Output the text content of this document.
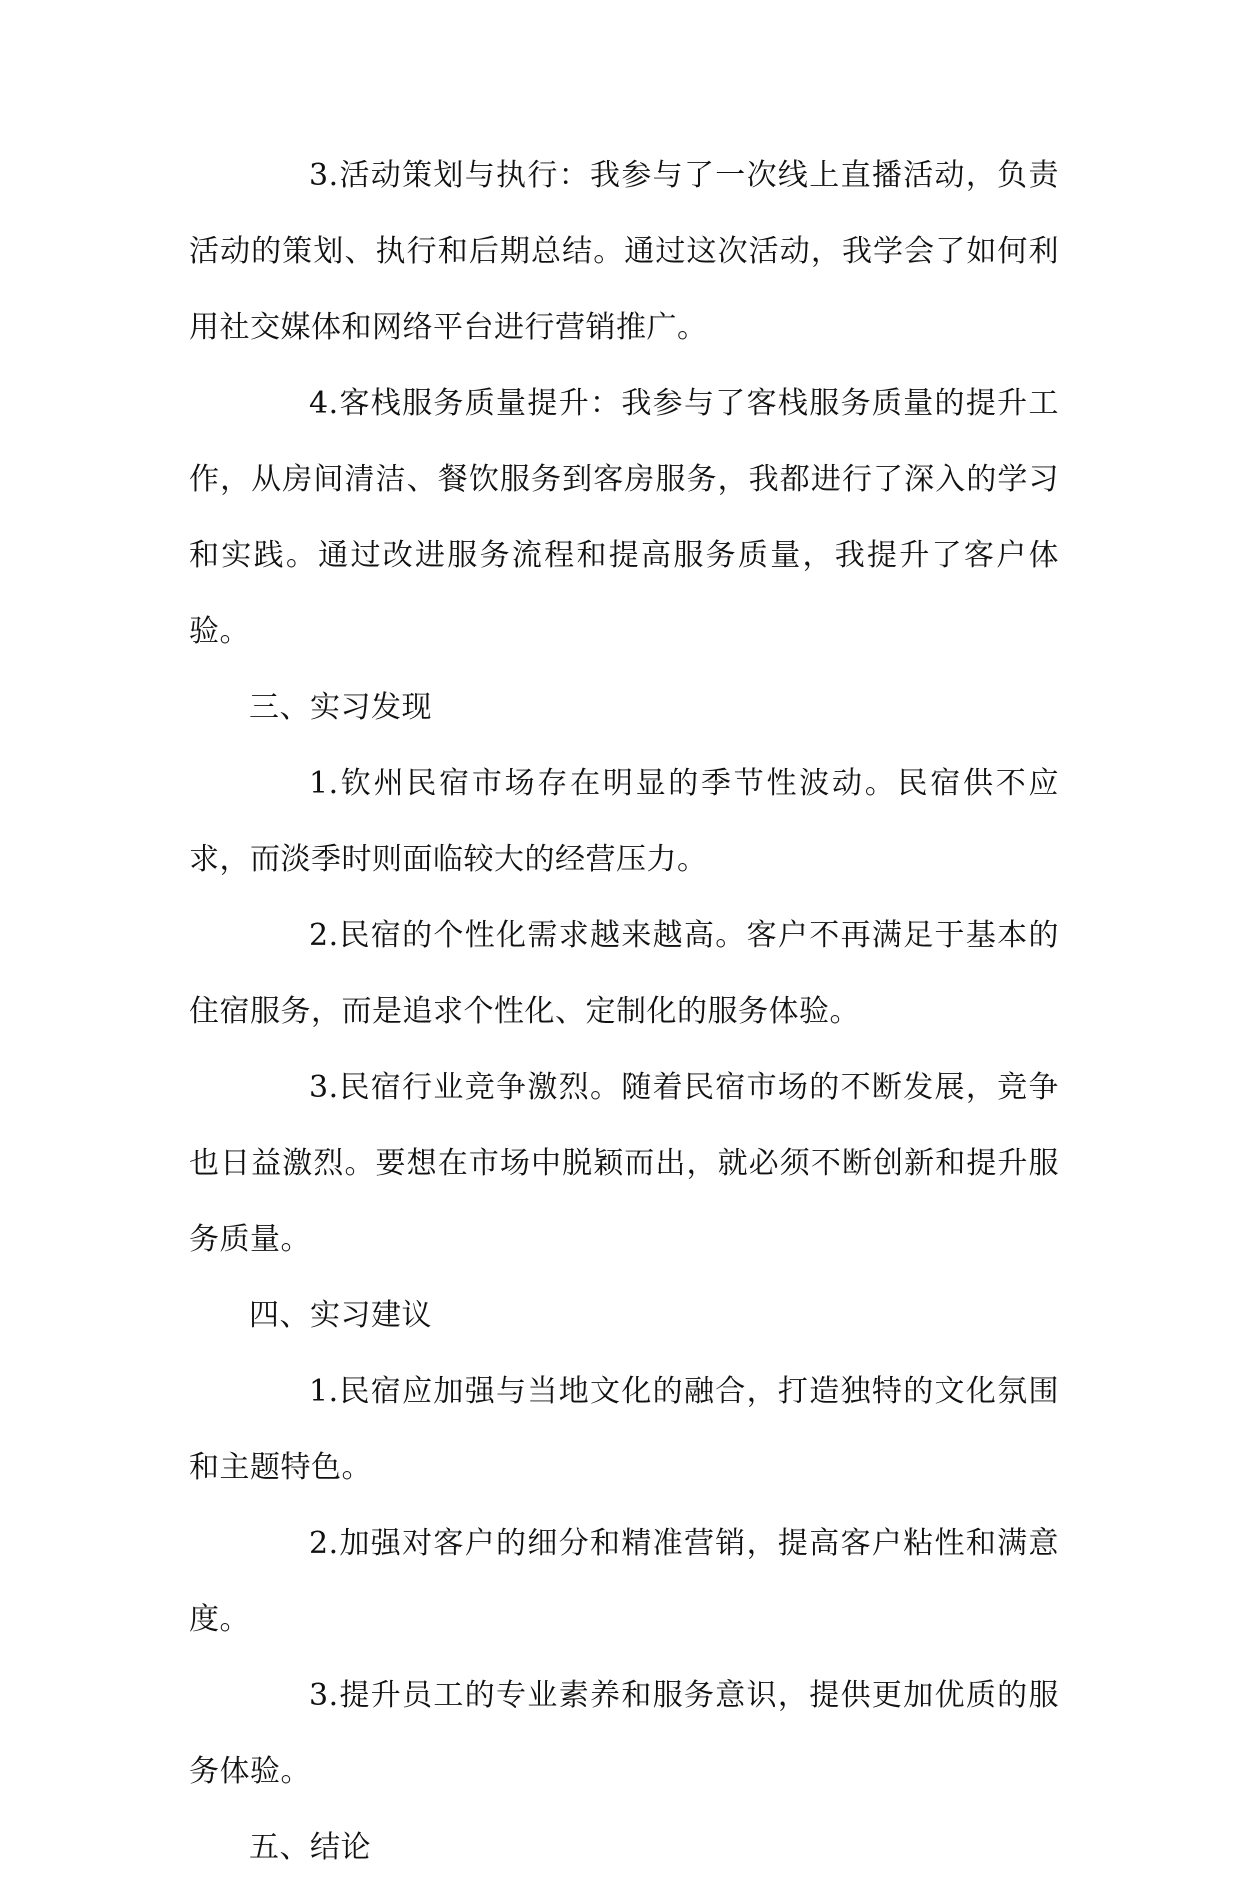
3.活动策划与执行：我参与了一次线上直播活动，负责活动的策划、执行和后期总结。通过这次活动，我学会了如何利用社交媒体和网络平台进行营销推广。

4.客栈服务质量提升：我参与了客栈服务质量的提升工作，从房间清洁、餐饮服务到客房服务，我都进行了深入的学习和实践。通过改进服务流程和提高服务质量，我提升了客户体验。

三、实习发现

1.钦州民宿市场存在明显的季节性波动。民宿供不应求，而淡季时则面临较大的经营压力。

2.民宿的个性化需求越来越高。客户不再满足于基本的住宿服务，而是追求个性化、定制化的服务体验。

3.民宿行业竞争激烈。随着民宿市场的不断发展，竞争也日益激烈。要想在市场中脱颖而出，就必须不断创新和提升服务质量。

四、实习建议

1.民宿应加强与当地文化的融合，打造独特的文化氛围和主题特色。

2.加强对客户的细分和精准营销，提高客户粘性和满意度。

3.提升员工的专业素养和服务意识，提供更加优质的服务体验。

五、结论
